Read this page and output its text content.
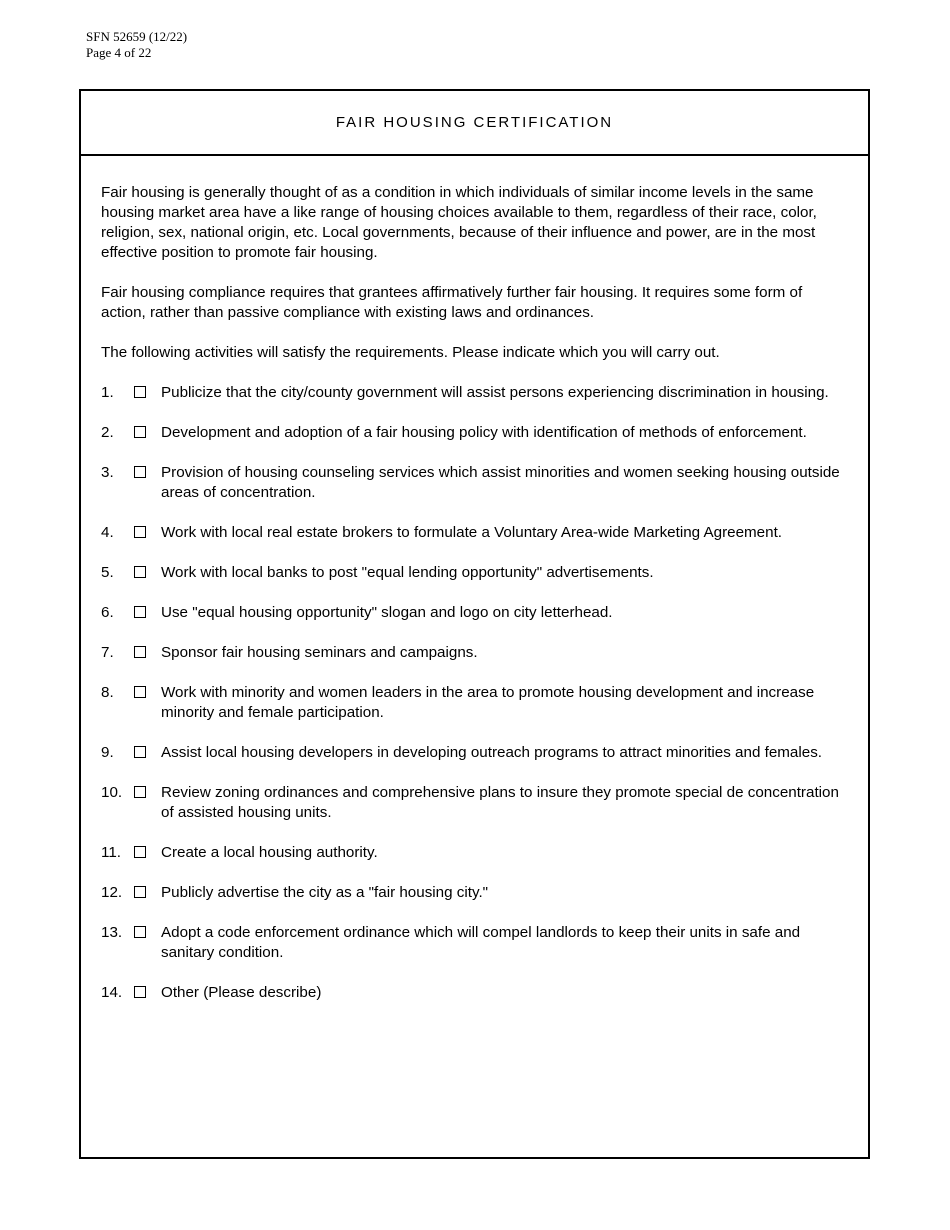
SFN 52659 (12/22)
Page 4 of 22
FAIR HOUSING CERTIFICATION

Fair housing is generally thought of as a condition in which individuals of similar income levels in the same housing market area have a like range of housing choices available to them, regardless of their race, color, religion, sex, national origin, etc. Local governments, because of their influence and power, are in the most effective position to promote fair housing.

Fair housing compliance requires that grantees affirmatively further fair housing. It requires some form of action, rather than passive compliance with existing laws and ordinances.

The following activities will satisfy the requirements. Please indicate which you will carry out.

1.	Publicize that the city/county government will assist persons experiencing discrimination in housing.
2.	Development and adoption of a fair housing policy with identification of methods of enforcement.
3.	Provision of housing counseling services which assist minorities and women seeking housing outside areas of concentration.
4.	Work with local real estate brokers to formulate a Voluntary Area-wide Marketing Agreement.
5.	Work with local banks to post "equal lending opportunity" advertisements.
6.	Use "equal housing opportunity" slogan and logo on city letterhead.
7.	Sponsor fair housing seminars and campaigns.
8.	Work with minority and women leaders in the area to promote housing development and increase minority and female participation.
9.	Assist local housing developers in developing outreach programs to attract minorities and females.
10.	Review zoning ordinances and comprehensive plans to insure they promote special de concentration of assisted housing units.
11.	Create a local housing authority.
12.	Publicly advertise the city as a "fair housing city."
13.	Adopt a code enforcement ordinance which will compel landlords to keep their units in safe and sanitary condition.
14.	Other (Please describe)
